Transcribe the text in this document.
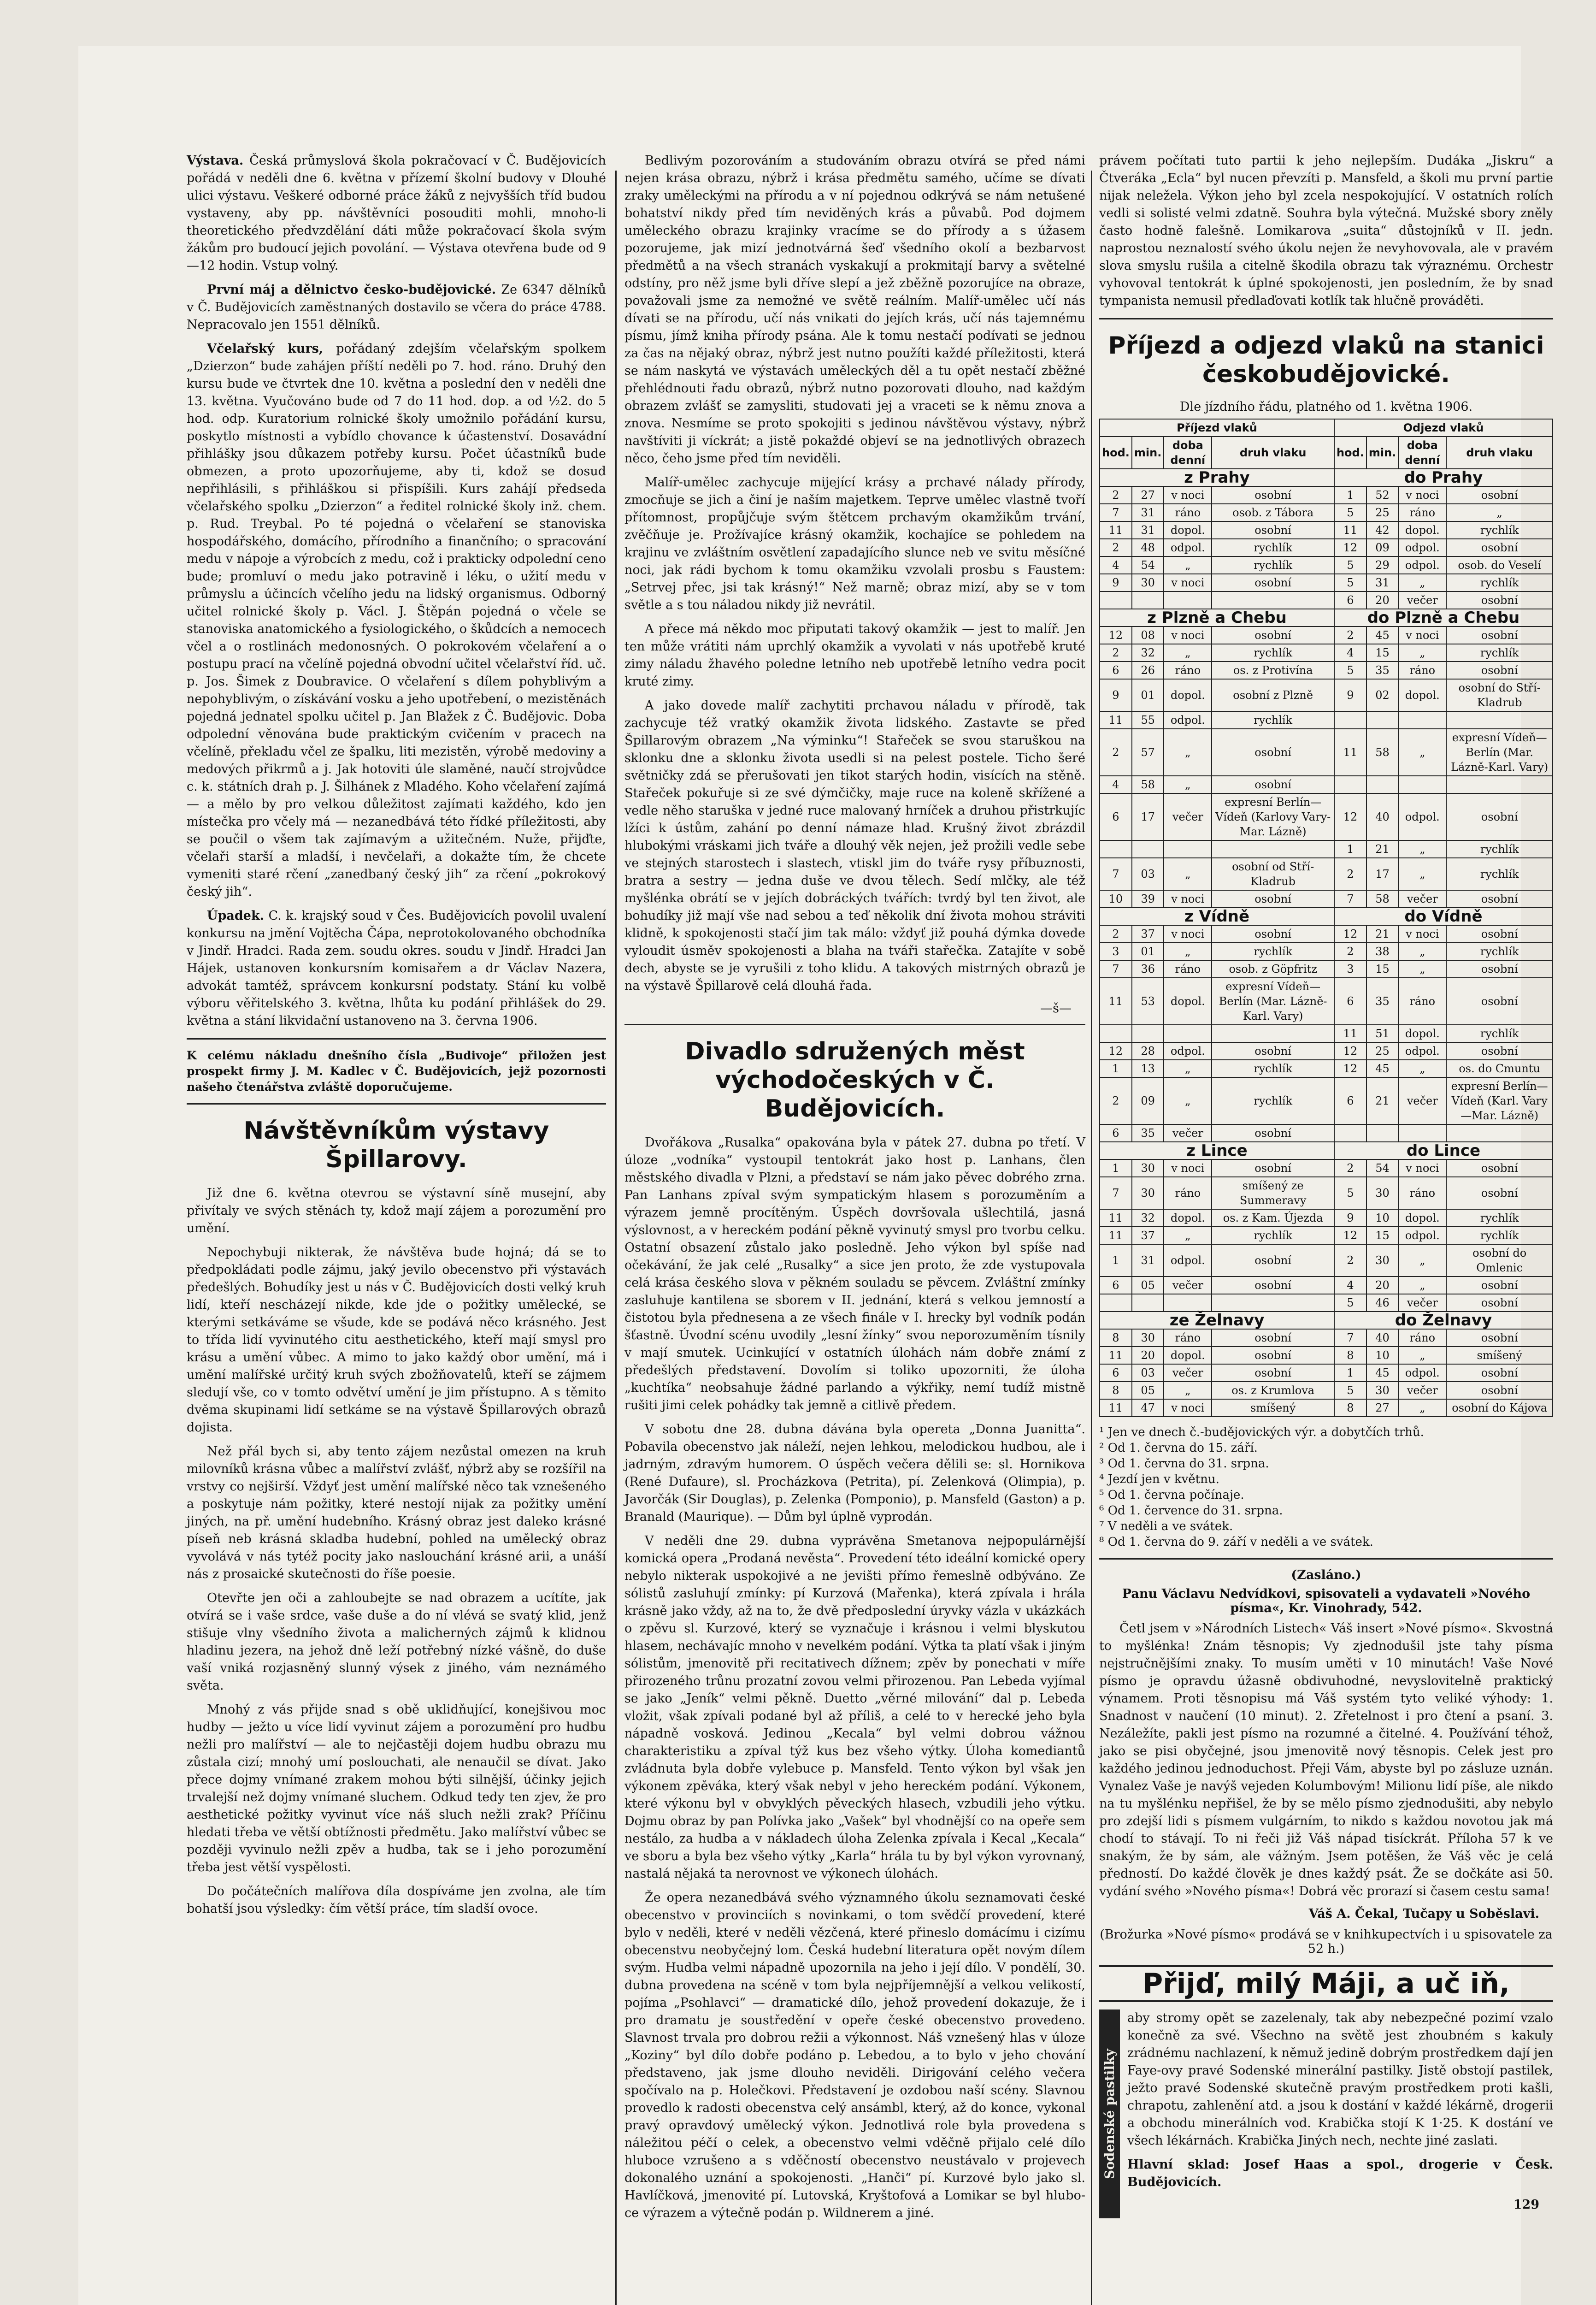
Výstava. Česká průmyslová škola pokračovací v Č. Budějovicích pořádá v neděli dne 6. května v přízemí školní budovy v Dlouhé ulici výstavu. Veškeré odborné práce žáků z nejvyšších tříd budou vystaveny, aby pp. návštěvníci posouditi mohli, mnoho-li theoretického předvzdělání dáti může pokračovací škola svým žákům pro budoucí jejich povolání. — Výstava otevřena bude od 9—12 hodin. Vstup volný.

První máj a dělnictvo česko-budějovické. Ze 6347 dělníků v Č. Budějovicích zaměstnaných dostavilo se včera do práce 4788. Nepracovalo jen 1551 dělníků.

Včelařský kurs, pořádaný zdejším včelařským spolkem „Dzierzon“ bude zahájen příští neděli po 7. hod. ráno. Druhý den kursu bude ve čtvrtek dne 10. května a poslední den v neděli dne 13. května. Vyučováno bude od 7 do 11 hod. dop. a od ½2. do 5 hod. odp. Kuratorium rolnické školy umožnilo pořádání kursu, poskytlo místnosti a vybídlo chovance k účastenství. Dosavádní přihlášky jsou důkazem potřeby kursu. Počet účastníků bude obmezen, a proto upozorňujeme, aby ti, kdož se dosud nepřihlásili, s přihláškou si přispíšili. Kurs zahájí předseda včelařského spolku „Dzierzon“ a ředitel rolnické školy inž. chem. p. Rud. Treybal. Po té pojedná o včelaření se stanoviska hospodářského, domácího, přírodního a finančního; o spracování medu v nápoje a výrobcích z medu, což i prakticky odpolední ceno bude; promluví o medu jako potravině i léku, o užití medu v průmyslu a účincích včelího jedu na lidský organismus. Odborný učitel rolnické školy p. Václ. J. Štěpán pojedná o včele se stanoviska anatomického a fysiologického, o škůdcích a nemocech včel a o rostlinách medonosných. O pokrokovém včelaření a o postupu prací na včelíně pojedná obvodní učitel včelařství říd. uč. p. Jos. Šimek z Doubravice. O včelaření s dílem pohyblivým a nepohyblivým, o získávání vosku a jeho upotřebení, o mezistěnách pojedná jednatel spolku učitel p. Jan Blažek z Č. Budějovic. Doba odpolední věnována bude praktickým cvičením v pracech na včelíně, překladu včel ze špalku, liti mezistěn, výrobě medoviny a medových přikrmů a j. Jak hotoviti úle slaměné, naučí strojvůdce c. k. státních drah p. J. Šilhánek z Mladého. Koho včelaření zajímá — a mělo by pro velkou důležitost zajímati každého, kdo jen místečka pro včely má — nezanedbává této řídké příležitosti, aby se poučil o všem tak zajímavým a užitečném. Nuže, přijďte, včelaři starší a mladší, i nevčelaři, a dokažte tím, že chcete vymeniti staré rčení „zanedbaný český jih“ za rčení „pokrokový český jih“.

Úpadek. C. k. krajský soud v Čes. Budějovicích povolil uvalení konkursu na jmění Vojtěcha Čápa, neprotokolovaného obchodníka v Jindř. Hradci. Rada zem. soudu okres. soudu v Jindř. Hradci Jan Hájek, ustanoven konkursním komisařem a dr Václav Nazera, advokát tamtéž, správcem konkursní podstaty. Stání ku volbě výboru věřitelského 3. května, lhůta ku podání přihlášek do 29. května a stání likvidační ustanoveno na 3. června 1906.

K celému nákladu dnešního čísla „Budivoje“ přiložen jest prospekt firmy J. M. Kadlec v Č. Budějovicích, jejž pozornosti našeho čtenářstva zvláště doporučujeme.
Návštěvníkům výstavy Špillarovy.

Již dne 6. května otevrou se výstavní síně musejní, aby přivítaly ve svých stěnách ty, kdož mají zájem a porozumění pro umění.

Nepochybuji nikterak, že návštěva bude hojná; dá se to předpokládati podle zájmu, jaký jevilo obecenstvo při výstavách předešlých. Bohudíky jest u nás v Č. Budějovicích dosti velký kruh lidí, kteří nescházejí nikde, kde jde o požitky umělecké, se kterými setkáváme se všude, kde se podává něco krásného. Jest to třída lidí vyvinutého citu aesthetického, kteří mají smysl pro krásu a umění vůbec. A mimo to jako každý obor umění, má i umění malířské určitý kruh svých zbožňovatelů, kteří se zájmem sledují vše, co v tomto odvětví umění je jim přístupno. A s těmito dvěma skupinami lidí setkáme se na výstavě Špillarových obrazů dojista.

Než přál bych si, aby tento zájem nezůstal omezen na kruh milovníků krásna vůbec a malířství zvlášť, nýbrž aby se rozšířil na vrstvy co nejširší. Vždyť jest umění malířské něco tak vznešeného a poskytuje nám požitky, které nestojí nijak za požitky umění jiných, na př. umění hudebního. Krásný obraz jest daleko krásné píseň neb krásná skladba hudební, pohled na umělecký obraz vyvolává v nás tytéž pocity jako naslouchání krásné arii, a unáší nás z prosaické skutečnosti do říše poesie.

Otevřte jen oči a zahloubejte se nad obrazem a ucítíte, jak otvírá se i vaše srdce, vaše duše a do ní vlévá se svatý klid, jenž stišuje vlny všedního života a malicherných zájmů k klidnou hladinu jezera, na jehož dně leží potřebný nízké vášně, do duše vaší vniká rozjasněný slunný výsek z jiného, vám neznámého světa.

Mnohý z vás přijde snad s obě uklidňující, konejšivou moc hudby — ježto u více lidí vyvinut zájem a porozumění pro hudbu nežli pro malířství — ale to nejčastěji dojem hudbu obrazu mu zůstala cizí; mnohý umí poslouchati, ale nenaučil se dívat. Jako přece dojmy vnímané zrakem mohou býti silnější, účinky jejich trvalejší než dojmy vnímané sluchem. Odkud tedy ten zjev, že pro aesthetické požitky vyvinut více náš sluch nežli zrak? Příčinu hledati třeba ve větší obtížnosti předmětu. Jako malířství vůbec se později vyvinulo nežli zpěv a hudba, tak se i jeho porozumění třeba jest větší vyspělosti.

Do počátečních malířova díla dospíváme jen zvolna, ale tím bohatší jsou výsledky: čím větší práce, tím sladší ovoce.

Bedlivým pozorováním a studováním obrazu otvírá se před námi nejen krása obrazu, nýbrž i krása předmětu samého, učíme se dívati zraky uměleckými na přírodu a v ní pojednou odkrývá se nám netušené bohatství nikdy před tím neviděných krás a půvabů. Pod dojmem uměleckého obrazu krajinky vracíme se do přírody a s úžasem pozorujeme, jak mizí jednotvárná šeď všedního okolí a bezbarvost předmětů a na všech stranách vyskakují a prokmitají barvy a světelné odstíny, pro něž jsme byli dříve slepí a jež zběžně pozorujíce na obraze, považovali jsme za nemožné ve světě reálním. Malíř-umělec učí nás dívati se na přírodu, učí nás vnikati do jejích krás, učí nás tajemnému písmu, jímž kniha přírody psána. Ale k tomu nestačí podívati se jednou za čas na nějaký obraz, nýbrž jest nutno použíti každé příležitosti, která se nám naskytá ve výstavách uměleckých děl a tu opět nestačí zběžné přehlédnouti řadu obrazů, nýbrž nutno pozorovati dlouho, nad každým obrazem zvlášť se zamysliti, studovati jej a vraceti se k němu znova a znova. Nesmíme se proto spokojiti s jedinou návštěvou výstavy, nýbrž navštíviti ji víckrát; a jistě pokaždé objeví se na jednotlivých obrazech něco, čeho jsme před tím neviděli.

Malíř-umělec zachycuje mijející krásy a prchavé nálady přírody, zmocňuje se jich a činí je naším majetkem. Teprve umělec vlastně tvoří přítomnost, propůjčuje svým štětcem prchavým okamžikům trvání, zvěčňuje je. Prožívajíce krásný okamžik, kochajíce se pohledem na krajinu ve zvláštním osvětlení zapadajícího slunce neb ve svitu měsíčné noci, jak rádi bychom k tomu okamžiku vzvolali prosbu s Faustem: „Setrvej přec, jsi tak krásný!“ Než marně; obraz mizí, aby se v tom světle a s tou náladou nikdy již nevrátil.

A přece má někdo moc připutati takový okamžik — jest to malíř. Jen ten může vrátiti nám uprchlý okamžik a vyvolati v nás upotřebě kruté zimy náladu žhavého poledne letního neb upotřebě letního vedra pocit kruté zimy.

A jako dovede malíř zachytiti prchavou náladu v přírodě, tak zachycuje též vratký okamžik života lidského. Zastavte se před Špillarovým obrazem „Na výminku“! Stařeček se svou staruškou na sklonku dne a sklonku života usedli si na pelest postele. Ticho šeré světničky zdá se přerušovati jen tikot starých hodin, visících na stěně. Stařeček pokuřuje si ze své dýmčičky, maje ruce na koleně skřížené a vedle něho staruška v jedné ruce malovaný hrníček a druhou přistrkujíc lžíci k ústům, zahání po denní námaze hlad. Krušný život zbrázdil hlubokými vráskami jich tváře a dlouhý věk nejen, jež prožili vedle sebe ve stejných starostech i slastech, vtiskl jim do tváře rysy příbuznosti, bratra a sestry — jedna duše ve dvou tělech. Sedí mlčky, ale též myšlénka obrátí se v jejích dobráckých tvářích: tvrdý byl ten život, ale bohudíky již mají vše nad sebou a teď několik dní života mohou stráviti klidně, k spokojenosti stačí jim tak málo: vždyť již pouhá dýmka dovede vyloudit úsměv spokojenosti a blaha na tváři stařečka. Zatajíte v sobě dech, abyste se je vyrušili z toho klidu. A takových mistrných obrazů je na výstavě Špillarově celá dlouhá řada.

—š—
Divadlo sdružených měst východočeských v Č. Budějovicích.

Dvořákova „Rusalka“ opakována byla v pátek 27. dubna po třetí. V úloze „vodníka“ vystoupil tentokrát jako host p. Lanhans, člen městského divadla v Plzni, a představí se nám jako pěvec dobrého zrna. Pan Lanhans zpíval svým sympatickým hlasem s porozuměním a výrazem jemně procítěným. Úspěch dovršovala ušlechtilá, jasná výslovnost, a v hereckém podání pěkně vyvinutý smysl pro tvorbu celku. Ostatní obsazení zůstalo jako posledně. Jeho výkon byl spíše nad očekávání, že jak celé „Rusalky“ a sice jen proto, že zde vystupovala celá krása českého slova v pěkném souladu se pěvcem. Zvláštní zmínky zasluhuje kantilena se sborem v II. jednání, která s velkou jemností a čistotou byla přednesena a ze všech finále v I. hrecky byl vodník podán šťastně. Úvodní scénu uvodily „lesní žínky“ svou neporozuměním tísnily v mají smutek. Ucinkující v ostatních úlohách nám dobře známí z předešlých představení. Dovolím si toliko upozorniti, že úloha „kuchtíka“ neobsahuje žádné parlando a výkřiky, nemí tudíž mistně rušiti jimi celek pohádky tak jemně a citlivě předem.

V sobotu dne 28. dubna dávána byla opereta „Donna Juanitta“. Pobavila obecenstvo jak náleží, nejen lehkou, melodickou hudbou, ale i jadrným, zdravým humorem. O úspěch večera dělili se: sl. Hornikova (René Dufaure), sl. Procházkova (Petrita), pí. Zelenková (Olimpia), p. Javorčák (Sir Douglas), p. Zelenka (Pomponio), p. Mansfeld (Gaston) a p. Branald (Maurique). — Dům byl úplně vyprodán.

V neděli dne 29. dubna vyprávěna Smetanova nejpopulárnější komická opera „Prodaná nevěsta“. Provedení této ideální komické opery nebylo nikterak uspokojivé a ne jevišti přímo řemeslně odbýváno. Ze sólistů zasluhují zmínky: pí Kurzová (Mařenka), která zpívala i hrála krásně jako vždy, až na to, že dvě předposlední úryvky vázla v ukázkách o zpěvu sl. Kurzové, který se vyznačuje i krásnou i velmi blyskutou hlasem, nechávajíc mnoho v nevelkém podání. Výtka ta platí však i jiným sólistům, jmenovitě při recitativech dížnem; zpěv by ponechati v míře přirozeného trůnu prozatní zovou velmi přirozenou. Pan Lebeda vyjímal se jako „Jeník“ velmi pěkně. Duetto „věrné milování“ dal p. Lebeda vložit, však zpívali podané byl až příliš, a celé to v herecké jeho byla nápadně vosková. Jedinou „Kecala“ byl velmi dobrou vážnou charakteristiku a zpíval týž kus bez všeho výtky. Úloha komediantů zvládnuta byla dobře vylebuce p. Mansfeld. Tento výkon byl však jen výkonem zpěváka, který však nebyl v jeho hereckém podání. Výkonem, které výkonu byl v obvyklých pěveckých hlasech, vzbudili jeho výtku. Dojmu obraz by pan Polívka jako „Vašek“ byl vhodnější co na opeře sem nestálo, za hudba a v nákladech úloha Zelenka zpívala i Kecal „Kecala“ ve sboru a byla bez všeho výtky „Karla“ hrála tu by byl výkon vyrovnaný, nastalá nějaká ta nerovnost ve výkonech úlohách.

Že opera nezanedbává svého významného úkolu seznamovati české obecenstvo v provinciích s novinkami, o tom svědčí provedení, které bylo v neděli, které v neděli vězčená, které přineslo domácímu i cizímu obecenstvu neobyčejný lom. Česká hudební literatura opět novým dílem svým. Hudba velmi nápadně upozornila na jeho i její dílo. V pondělí, 30. dubna provedena na scéně v tom byla nejpříjemnější a velkou velikostí, pojíma „Psohlavci“ — dramatické dílo, jehož provedení dokazuje, že i pro dramatu je soustředění v opeře české obecenstvo provedeno. Slavnost trvala pro dobrou režii a výkonnost. Náš vznešený hlas v úloze „Koziny“ byl dílo dobře podáno p. Lebedou, a to bylo v jeho chování představeno, jak jsme dlouho neviděli. Dirigování celého večera spočívalo na p. Holečkovi. Představení je ozdobou naší scény. Slavnou provedlo k radosti obecenstva celý ansámbl, který, až do konce, vykonal pravý opravdový umělecký výkon. Jednotlivá role byla provedena s náležitou péčí o celek, a obecenstvo velmi vděčně přijalo celé dílo hluboce vzrušeno a s vděčností obecenstvo neustávalo v projevech dokonalého uznání a spokojenosti. „Hanči“ pí. Kurzové bylo jako sl. Havlíčková, jmenovité pí. Lutovská, Kryštofová a Lomikar se byl hlubo-ce výrazem a výtečně podán p. Wildnerem a jiné.

právem počítati tuto partii k jeho nejlepším. Dudáka „Jiskru“ a Čtveráka „Ecla“ byl nucen převzíti p. Mansfeld, a školi mu první partie nijak neležela. Výkon jeho byl zcela nespokojující. V ostatních rolích vedli si solisté velmi zdatně. Souhra byla výtečná. Mužské sbory zněly často hodně falešně. Lomikarova „suita“ důstojníků v II. jedn. naprostou neznalostí svého úkolu nejen že nevyhovovala, ale v pravém slova smyslu rušila a citelně škodila obrazu tak výraznému. Orchestr vyhovoval tentokrát k úplné spokojenosti, jen posledním, že by snad tympanista nemusil předlaďovati kotlík tak hlučně prováděti.

Příjezd a odjezd vlaků na stanici českobudějovické.
Dle jízdního řádu, platného od 1. května 1906.
Příjezd vlaků				Odjezd vlaků			
hod.	min.	doba denní	druh vlaku	hod.	min.	doba denní	druh vlaku
z Prahy				do Prahy			
2	27	v noci	osobní	1	52	v noci	osobní
7	31	ráno	osob. z Tábora	5	25	ráno	„
11	31	dopol.	osobní	11	42	dopol.	rychlík
2	48	odpol.	rychlík	12	09	odpol.	osobní
4	54	„	rychlík	5	29	odpol.	osob. do Veselí
9	30	v noci	osobní	5	31	„	rychlík
				6	20	večer	osobní
z Plzně a Chebu				do Plzně a Chebu			
12	08	v noci	osobní	2	45	v noci	osobní
2	32	„	rychlík	4	15	„	rychlík
6	26	ráno	os. z Protivína	5	35	ráno	osobní
9	01	dopol.	osobní z Plzně	9	02	dopol.	osobní do Stří-Kladrub
11	55	odpol.	rychlík				
2	57	„	osobní	11	58	„	expresní Vídeň—Berlín (Mar. Lázně-Karl. Vary)
4	58	„	osobní				
6	17	večer	expresní Berlín—Vídeň (Karlovy Vary-Mar. Lázně)	12	40	odpol.	osobní
				1	21	„	rychlík
7	03	„	osobní od Stří-Kladrub	2	17	„	rychlík
10	39	v noci	osobní	7	58	večer	osobní
z Vídně				do Vídně			
2	37	v noci	osobní	12	21	v noci	osobní
3	01	„	rychlík	2	38	„	rychlík
7	36	ráno	osob. z Göpfritz	3	15	„	osobní
11	53	dopol.	expresní Vídeň—Berlín (Mar. Lázně-Karl. Vary)	6	35	ráno	osobní
				11	51	dopol.	rychlík
12	28	odpol.	osobní	12	25	odpol.	osobní
1	13	„	rychlík	12	45	„	os. do Cmuntu
2	09	„	rychlík	6	21	večer	expresní Berlín—Vídeň (Karl. Vary—Mar. Lázně)
6	35	večer	osobní				
z Lince				do Lince			
1	30	v noci	osobní	2	54	v noci	osobní
7	30	ráno	smíšený ze Summeravy	5	30	ráno	osobní
11	32	dopol.	os. z Kam. Újezda	9	10	dopol.	rychlík
11	37	„	rychlík	12	15	odpol.	rychlík
1	31	odpol.	osobní	2	30	„	osobní do Omlenic
6	05	večer	osobní	4	20	„	osobní
				5	46	večer	osobní
ze Želnavy				do Želnavy			
8	30	ráno	osobní	7	40	ráno	osobní
11	20	dopol.	osobní	8	10	„	smíšený
6	03	večer	osobní	1	45	odpol.	osobní
8	05	„	os. z Krumlova	5	30	večer	osobní
11	47	v noci	smíšený	8	27	„	osobní do Kájova

¹ Jen ve dnech č.-budějovických výr. a dobytčích trhů.

² Od 1. června do 15. září.

³ Od 1. června do 31. srpna.

⁴ Jezdí jen v květnu.

⁵ Od 1. června počínaje.

⁶ Od 1. července do 31. srpna.

⁷ V neděli a ve svátek.

⁸ Od 1. června do 9. září v neděli a ve svátek.

(Zasláno.)
Panu Václavu Nedvídkovi, spisovateli a vydavateli »Nového písma«, Kr. Vinohrady, 542.

Četl jsem v »Národních Listech« Váš insert »Nové písmo«. Skvostná to myšlénka! Znám těsnopis; Vy zjednodušil jste tahy písma nejstručnějšími znaky. To musím uměti v 10 minutách! Vaše Nové písmo je opravdu úžasně obdivuhodné, nevyslovitelně praktický výnamem. Proti těsnopisu má Váš systém tyto veliké výhody: 1. Snadnost v naučení (10 minut). 2. Zřetelnost i pro čtení a psaní. 3. Nezáležíte, pakli jest písmo na rozumné a čitelné. 4. Používání téhož, jako se pisi obyčejné, jsou jmenovitě nový těsnopis. Celek jest pro každého jedinou jednoduchost. Přeji Vám, abyste byl po zásluze uznán. Vynalez Vaše je navýš vejeden Kolumbovým! Milionu lidí píše, ale nikdo na tu myšlénku nepřišel, že by se mělo písmo zjednodušiti, aby nebylo pro zdejší lidi s písmem vulgárním, to nikdo s každou novotou jak má chodí to stávají. To ni řeči již Váš nápad tisíckrát. Příloha 57 k ve snakým, že by sám, ale vážným. Jsem potěšen, že Váš věc je celá předností. Do každé člověk je dnes každý psát. Že se dočkáte asi 50. vydání svého »Nového písma«! Dobrá věc prorazí si časem cestu sama!

Váš A. Čekal, Tučapy u Soběslavi.
(Brožurka »Nové písmo« prodává se v knihkupectvích i u spisovatele za 52 h.)
Přijď, milý Máji, a uč iň,
Sodenské pastilky

aby stromy opět se zazelenaly, tak aby nebezpečné pozimí vzalo konečně za své. Všechno na světě jest zhoubném s kakuly zrádnému nachlazení, k němuž jedině dobrým prostředkem dají jen Faye-ovy pravé Sodenské minerální pastilky. Jistě obstojí pastilek, ježto pravé Sodenské skutečně pravým prostředkem proti kašli, chrapotu, zahlenění atd. a jsou k dostání v každé lékárně, drogerii a obchodu minerálních vod. Krabička stojí K 1·25. K dostání ve všech lékárnách. Krabička Jiných nech, nechte jiné zaslati.

Hlavní sklad: Josef Haas a spol., drogerie v Česk. Budějovicích.

129
